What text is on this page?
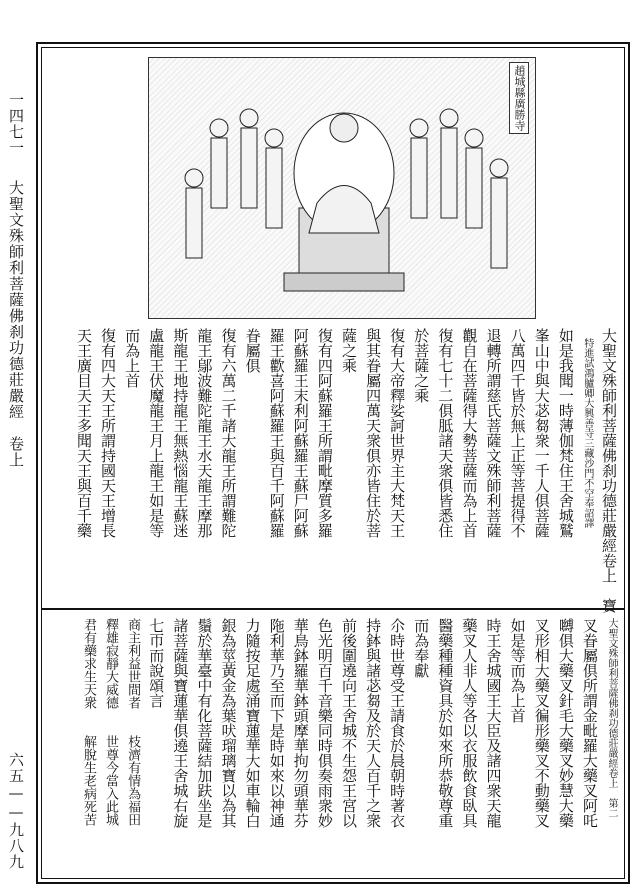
一四七一
大聖文殊師利菩薩佛刹功德莊嚴經　卷上
六五——九八九
趙城縣廣勝寺
大聖文殊師利菩薩佛刹功德莊嚴經卷上　寶

特進試鴻臚卿大興善寺三藏沙門不空奉詔譯

如是我聞一時薄伽梵住王舍城鷲

峯山中與大苾芻衆一千人俱菩薩

八萬四千皆於無上正等菩提得不

退轉所謂慈氏菩薩文殊師利菩薩

觀自在菩薩得大勢菩薩而為上首

復有七十二俱胝諸天衆俱皆悉住

於菩薩之乘

復有大帝釋娑訶世界主大梵天王

與其眷屬四萬天衆俱亦皆住於菩

薩之乘

復有四阿蘇羅王所謂毗摩質多羅

阿蘇羅王末利阿蘇羅王蘇尸阿蘇

羅王歡喜阿蘇羅王與百千阿蘇羅

眷屬俱

復有六萬二千諸大龍王所謂難陀

龍王鄔波難陀龍王水天龍王摩那

斯龍王地持龍王無熱惱龍王蘇迷

盧龍王伏魔龍王月上龍王如是等

而為上首

復有四大天王所謂持國天王增長

天王廣目天王多聞天王與百千藥
大聖文殊師利菩薩佛刹功德莊嚴經卷上　第二

叉眷屬俱所謂金毗羅大藥叉阿吒

嚩俱大藥叉針毛大藥叉妙慧大藥

叉形相大藥叉徧形藥叉不動藥叉

如是等而為上首

時王舍城國王大臣及諸四衆天龍

藥叉人非人等各以衣服飲食臥具

醫藥種種資具於如來所恭敬尊重

而為奉獻

尒時世尊受王請食於晨朝時著衣

持鉢與諸苾芻及於天人百千之衆

前後圍遶向王舍城不生怨王宮以

色光明百千音樂同時俱奏雨衆妙

華鳥鉢羅華鉢頭摩華拘勿頭華芬

陁利華乃至而下是時如來以神通

力隨按足處涌寶蓮華大如車輪白

銀為莖黃金為葉吠瑠璃寶以為其

鬚於華臺中有化菩薩結加趺坐是

諸菩薩與寶蓮華俱遶王舍城右旋

七帀而說頌言

商主利益世間者　　枝濟有情為福田

釋雄寂靜大威德　　世尊今當入此城

君有藥求生天衆　　解脫生老病死苦
